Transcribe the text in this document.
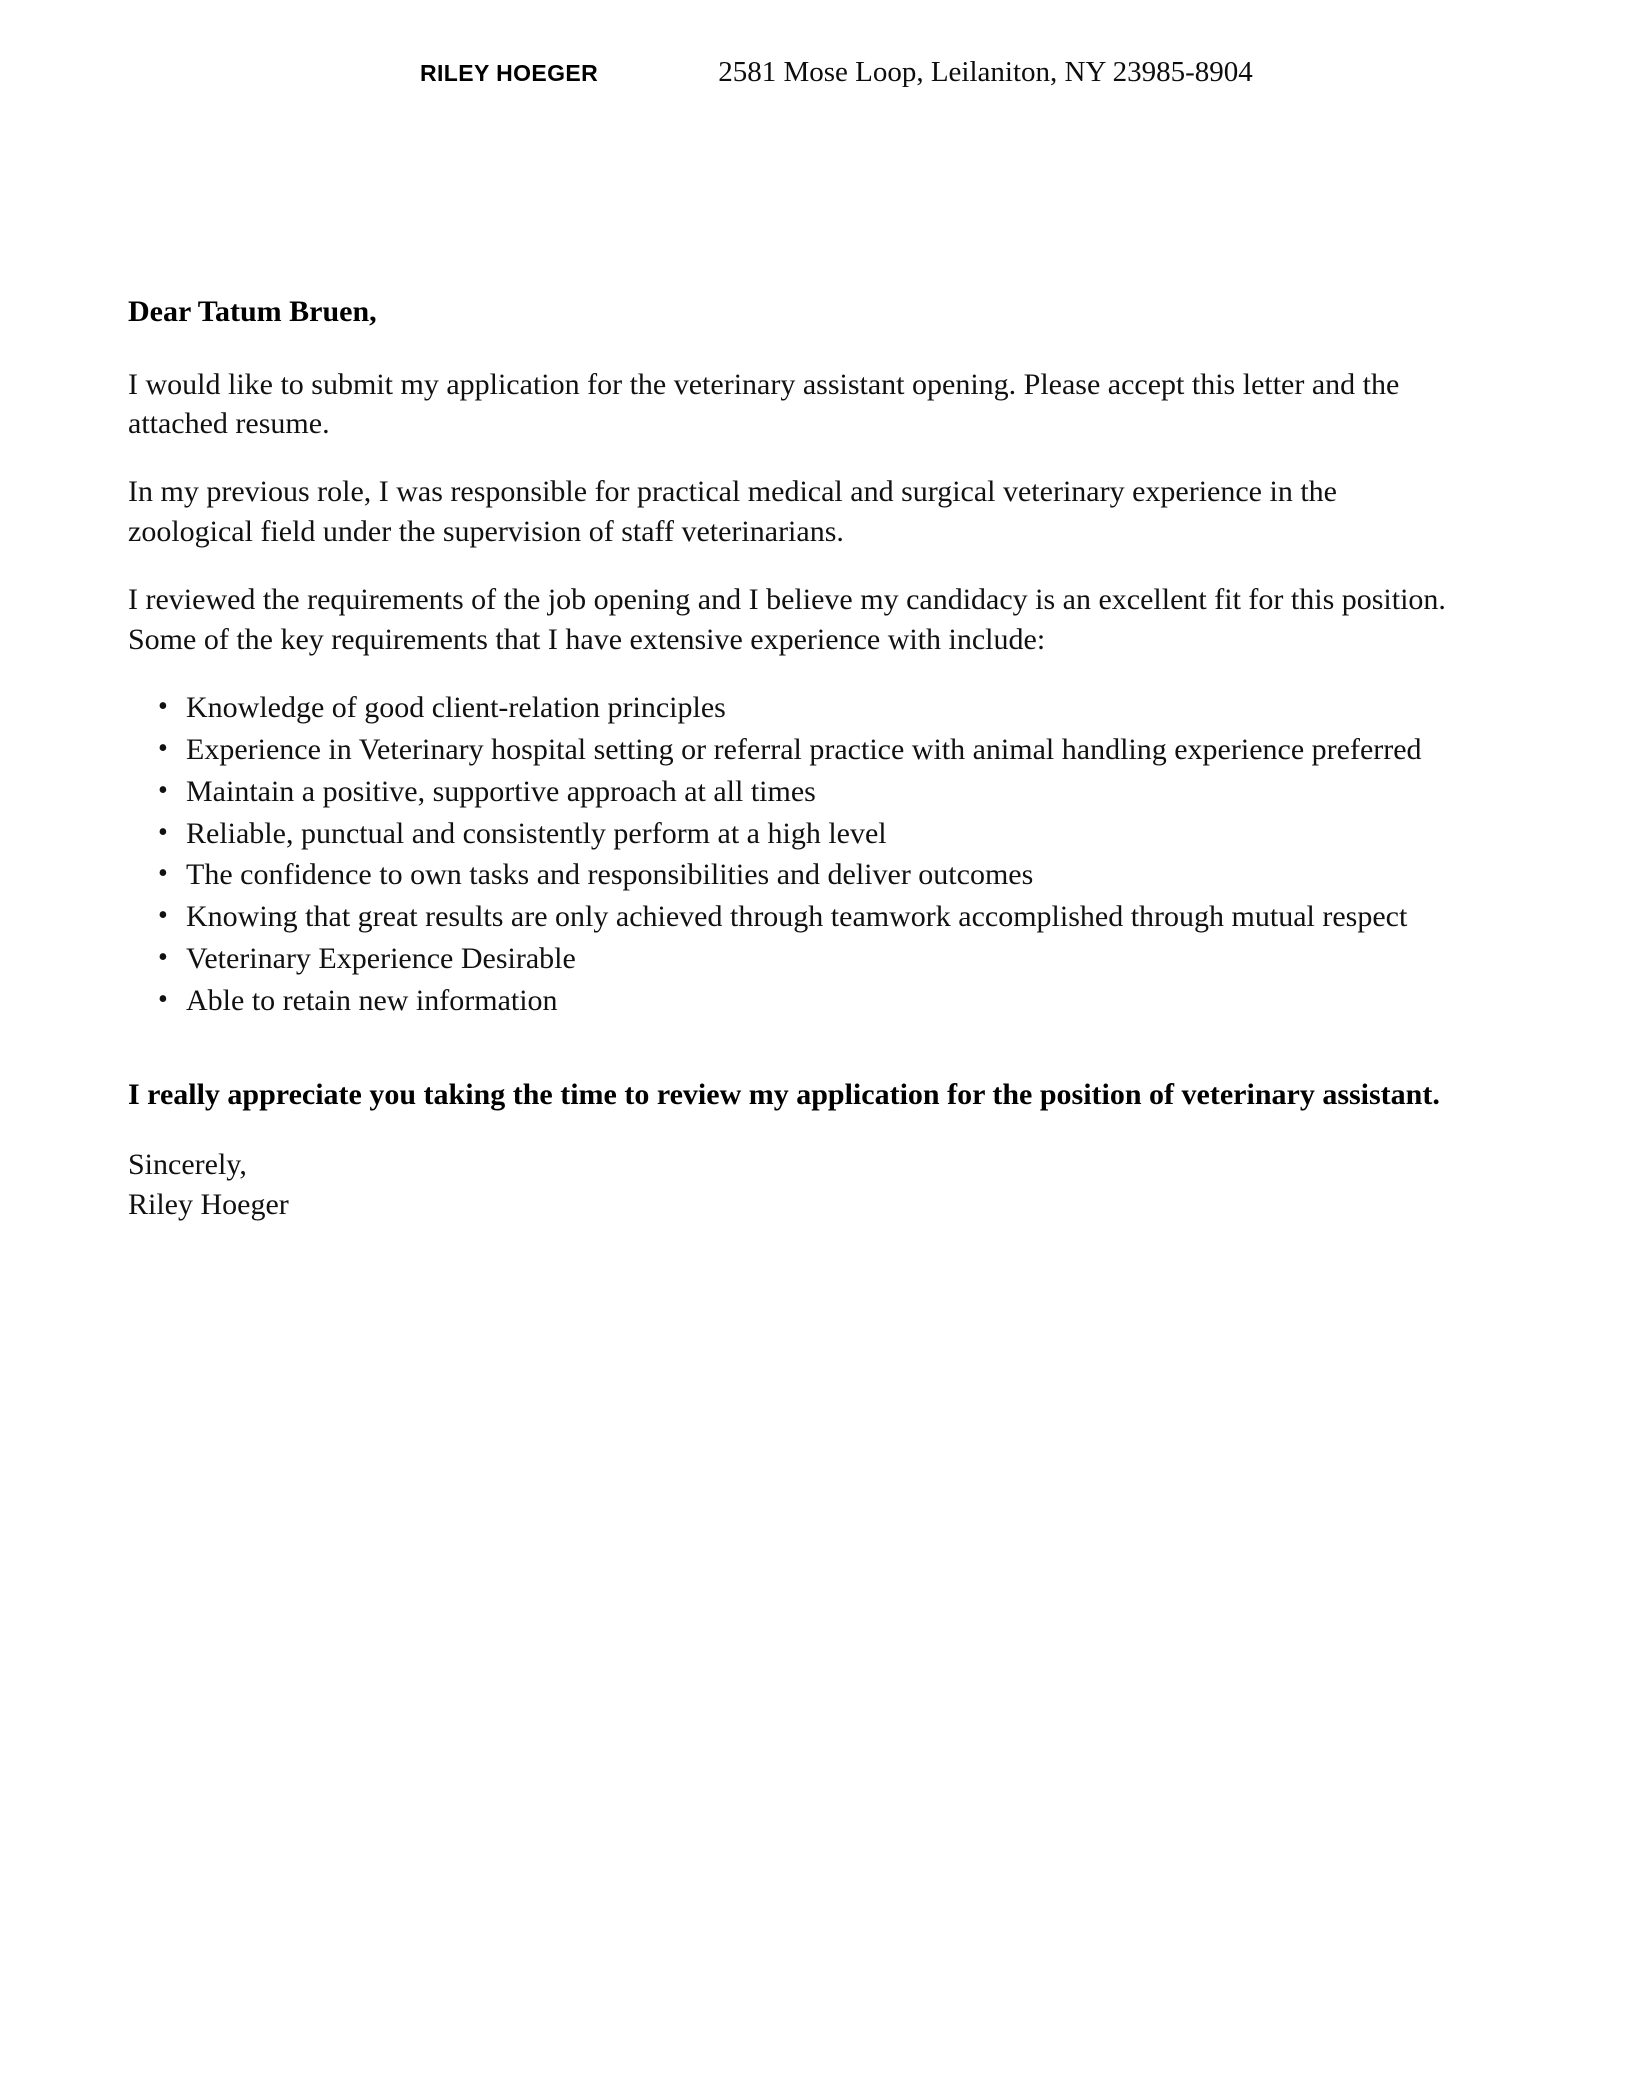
RILEY HOEGER	2581 Mose Loop, Leilaniton, NY 23985-8904

Dear Tatum Bruen,

I would like to submit my application for the veterinary assistant opening. Please accept this letter and the attached resume.

In my previous role, I was responsible for practical medical and surgical veterinary experience in the zoological field under the supervision of staff veterinarians.

I reviewed the requirements of the job opening and I believe my candidacy is an excellent fit for this position. Some of the key requirements that I have extensive experience with include:

• Knowledge of good client-relation principles
• Experience in Veterinary hospital setting or referral practice with animal handling experience preferred
• Maintain a positive, supportive approach at all times
• Reliable, punctual and consistently perform at a high level
• The confidence to own tasks and responsibilities and deliver outcomes
• Knowing that great results are only achieved through teamwork accomplished through mutual respect
• Veterinary Experience Desirable
• Able to retain new information

I really appreciate you taking the time to review my application for the position of veterinary assistant.

Sincerely,
Riley Hoeger
